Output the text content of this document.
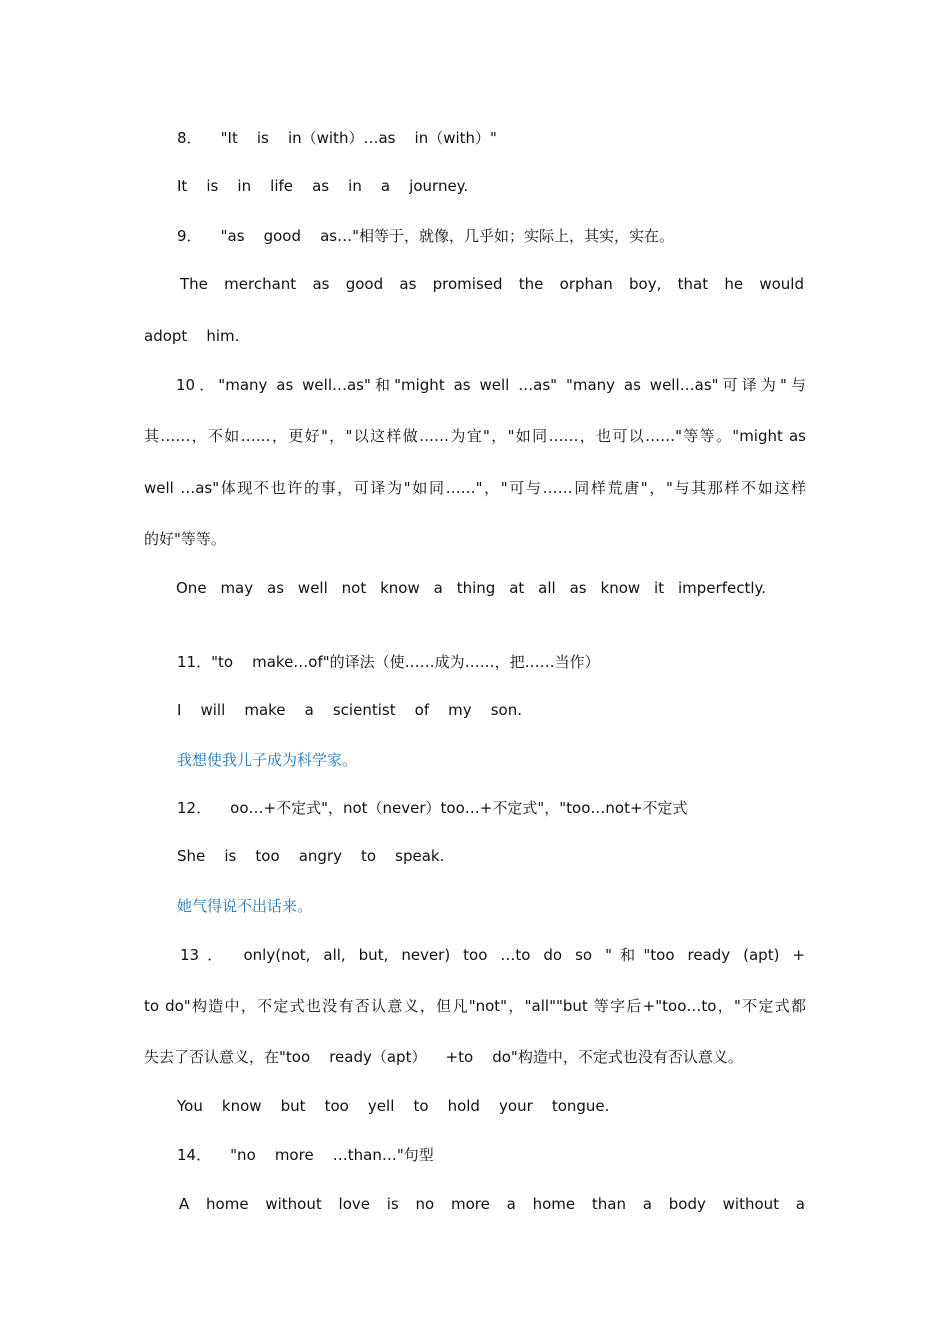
8．    "It    is    in（with）…as    in（with）"
It    is    in    life    as    in    a    journey.
9．    "as    good    as…"相等于，就像，几乎如；实际上，其实，实在。
The merchant as good as promised the orphan boy, that he would
adopt    him.
10．"many as well…as"和"might as well …as" "many as well…as"可译为"与
其……，不如……，更好"，"以这样做……为宜"，"如同……，也可以……"等等。"might as
well …as"体现不也许的事，可译为"如同……"，"可与……同样荒唐"，"与其那样不如这样
的好"等等。
One may as well not know a thing at all as know it imperfectly.
11．"to    make…of"的译法（使……成为……，把……当作）
I    will    make    a    scientist    of    my    son.
我想使我儿子成为科学家。
12．    oo…+不定式"，not（never）too…+不定式"，"too…not+不定式
She    is    too    angry    to    speak.
她气得说不出话来。
13． only(not, all, but, never) too …to do so "和"too ready (apt) +
to do"构造中，不定式也没有否认意义，但凡"not"，"all""but 等字后+"too…to，"不定式都
失去了否认意义，在"too    ready（apt）    +to    do"构造中，不定式也没有否认意义。
You    know    but    too    yell    to    hold    your    tongue.
14．    "no    more    …than…"句型
A home without love is no more a home than a body without a
